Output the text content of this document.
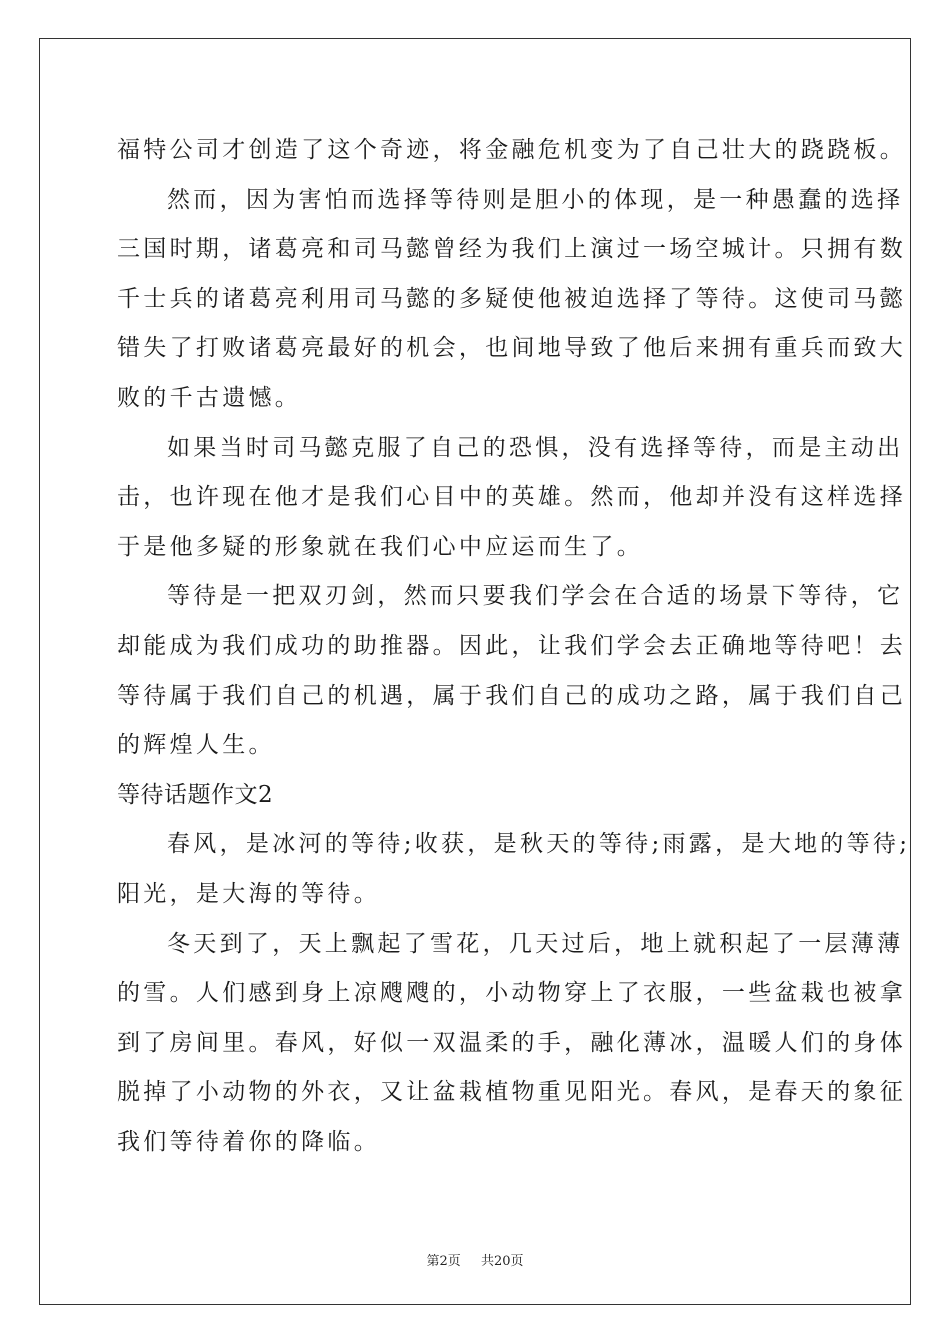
福特公司才创造了这个奇迹，将金融危机变为了自己壮大的跷跷板。
然而，因为害怕而选择等待则是胆小的体现，是一种愚蠢的选择
三国时期，诸葛亮和司马懿曾经为我们上演过一场空城计。只拥有数
千士兵的诸葛亮利用司马懿的多疑使他被迫选择了等待。这使司马懿
错失了打败诸葛亮最好的机会，也间地导致了他后来拥有重兵而致大
败的千古遗憾。
如果当时司马懿克服了自己的恐惧，没有选择等待，而是主动出
击，也许现在他才是我们心目中的英雄。然而，他却并没有这样选择
于是他多疑的形象就在我们心中应运而生了。
等待是一把双刃剑，然而只要我们学会在合适的场景下等待，它
却能成为我们成功的助推器。因此，让我们学会去正确地等待吧！去
等待属于我们自己的机遇，属于我们自己的成功之路，属于我们自己
的辉煌人生。
等待话题作文2
春风，是冰河的等待;收获，是秋天的等待;雨露，是大地的等待;
阳光，是大海的等待。
冬天到了，天上飘起了雪花，几天过后，地上就积起了一层薄薄
的雪。人们感到身上凉飕飕的，小动物穿上了衣服，一些盆栽也被拿
到了房间里。春风，好似一双温柔的手，融化薄冰，温暖人们的身体
脱掉了小动物的外衣，又让盆栽植物重见阳光。春风，是春天的象征
我们等待着你的降临。
第2页 共20页
